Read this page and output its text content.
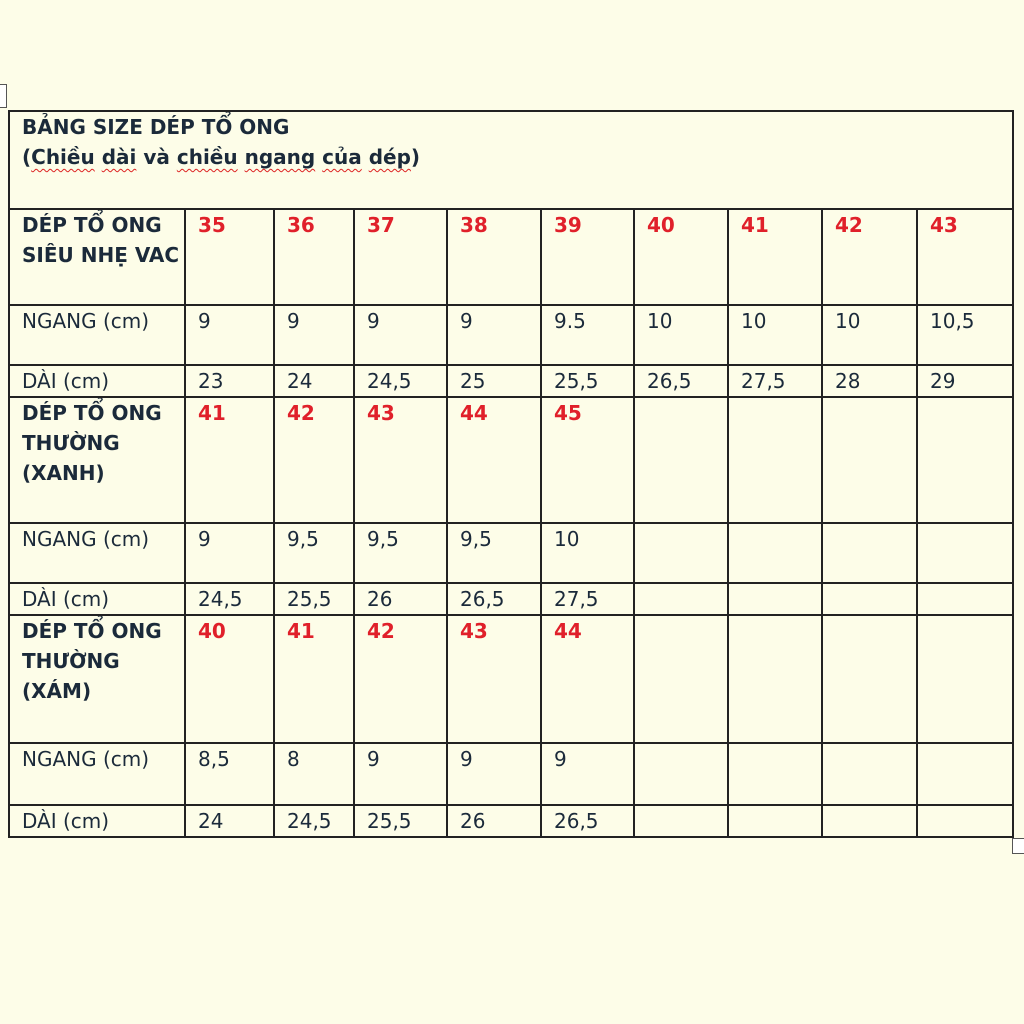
BẢNG SIZE DÉP TỔ ONG
(Chiều dài và chiều ngang của dép)									

DÉP TỔ ONG
SIÊU NHẸ VAC	35	36	37	38	39	40	41	42	43
NGANG (cm)	9	9	9	9	9.5	10	10	10	10,5
DÀI (cm)	23	24	24,5	25	25,5	26,5	27,5	28	29

DÉP TỔ ONG
THƯỜNG
(XANH)	41	42	43	44	45				
NGANG (cm)	9	9,5	9,5	9,5	10				
DÀI (cm)	24,5	25,5	26	26,5	27,5				

DÉP TỔ ONG
THƯỜNG
(XÁM)	40	41	42	43	44				
NGANG (cm)	8,5	8	9	9	9				
DÀI (cm)	24	24,5	25,5	26	26,5				
